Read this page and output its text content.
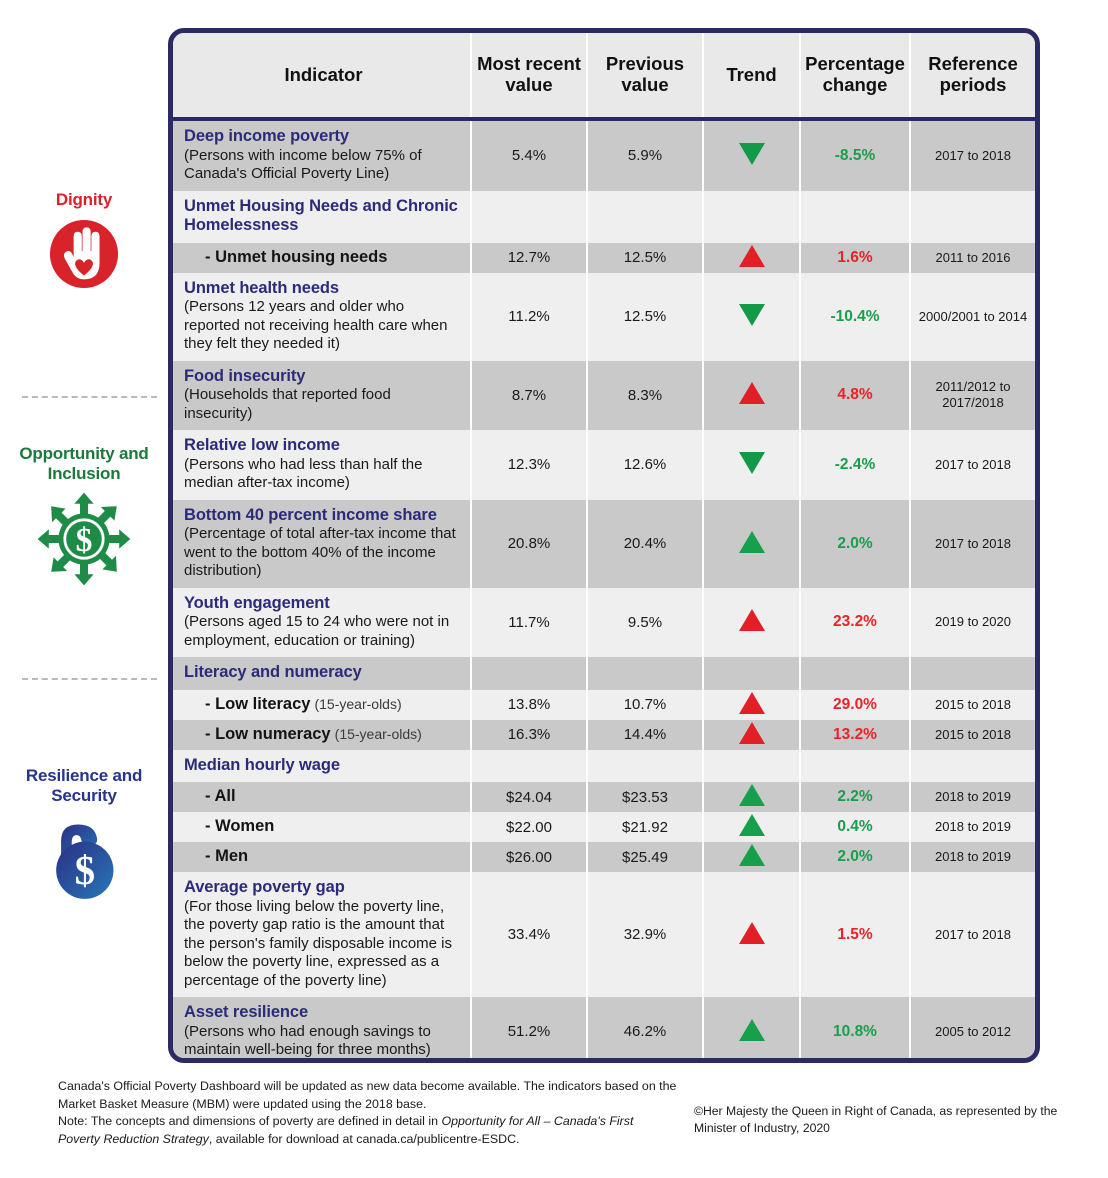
Dignity
Opportunity and Inclusion
$
Resilience and Security
$
Indicator	Most recent value	Previous value	Trend	Percentage change	Reference periods
Deep income poverty
(Persons with income below 75% of Canada's Official Poverty Line)	5.4%	5.9%		-8.5%	2017 to 2018
Unmet Housing Needs and Chronic Homelessness					
- Unmet housing needs	12.7%	12.5%		1.6%	2011 to 2016
Unmet health needs
(Persons 12 years and older who reported not receiving health care when they felt they needed it)	11.2%	12.5%		-10.4%	2000/2001 to 2014
Food insecurity
(Households that reported food insecurity)	8.7%	8.3%		4.8%	2011/2012 to 2017/2018
Relative low income
(Persons who had less than half the median after-tax income)	12.3%	12.6%		-2.4%	2017 to 2018
Bottom 40 percent income share
(Percentage of total after-tax income that went to the bottom 40% of the income distribution)	20.8%	20.4%		2.0%	2017 to 2018
Youth engagement
(Persons aged 15 to 24 who were not in employment, education or training)	11.7%	9.5%		23.2%	2019 to 2020
Literacy and numeracy					
- Low literacy (15-year-olds)	13.8%	10.7%		29.0%	2015 to 2018
- Low numeracy (15-year-olds)	16.3%	14.4%		13.2%	2015 to 2018
Median hourly wage					
- All	$24.04	$23.53		2.2%	2018 to 2019
- Women	$22.00	$21.92		0.4%	2018 to 2019
- Men	$26.00	$25.49		2.0%	2018 to 2019
Average poverty gap
(For those living below the poverty line, the poverty gap ratio is the amount that the person's family disposable income is below the poverty line, expressed as a percentage of the poverty line)	33.4%	32.9%		1.5%	2017 to 2018
Asset resilience
(Persons who had enough savings to maintain well-being for three months)	51.2%	46.2%		10.8%	2005 to 2012

Canada's Official Poverty Dashboard will be updated as new data become available. The indicators based on the Market Basket Measure (MBM) were updated using the 2018 base.
Note: The concepts and dimensions of poverty are defined in detail in Opportunity for All – Canada's First Poverty Reduction Strategy, available for download at canada.ca/publicentre-ESDC.
©Her Majesty the Queen in Right of Canada, as represented by the Minister of Industry, 2020
